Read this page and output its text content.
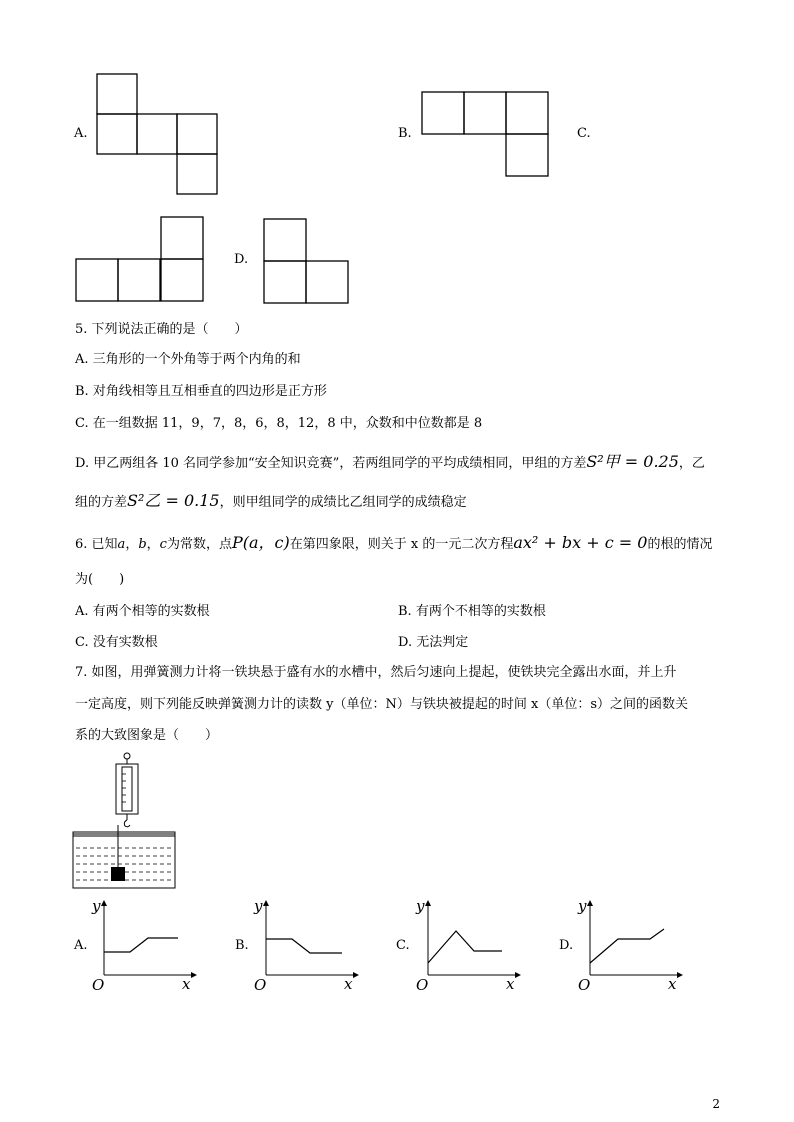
A.	B.	C.
D.
5. 下列说法正确的是（　　）
A. 三角形的一个外角等于两个内角的和
B. 对角线相等且互相垂直的四边形是正方形
C. 在一组数据 11，9，7，8，6，8，12，8 中，众数和中位数都是 8
D. 甲乙两组各 10 名同学参加“安全知识竞赛”，若两组同学的平均成绩相同，甲组的方差S²甲 = 0.25，乙
组的方差S²乙 = 0.15，则甲组同学的成绩比乙组同学的成绩稳定
6. 已知a，b，c为常数，点P(a，c)在第四象限，则关于 x 的一元二次方程ax² + bx + c = 0的根的情况
为(　　)
A. 有两个相等的实数根	B. 有两个不相等的实数根
C. 没有实数根	D. 无法判定
7. 如图，用弹簧测力计将一铁块悬于盛有水的水槽中，然后匀速向上提起，使铁块完全露出水面，并上升
一定高度，则下列能反映弹簧测力计的读数 y（单位：N）与铁块被提起的时间 x（单位：s）之间的函数关
系的大致图象是（　　）
A.	B.	C.	D.
y
x
O
y
x
O
y
x
O
y
x
O
2
